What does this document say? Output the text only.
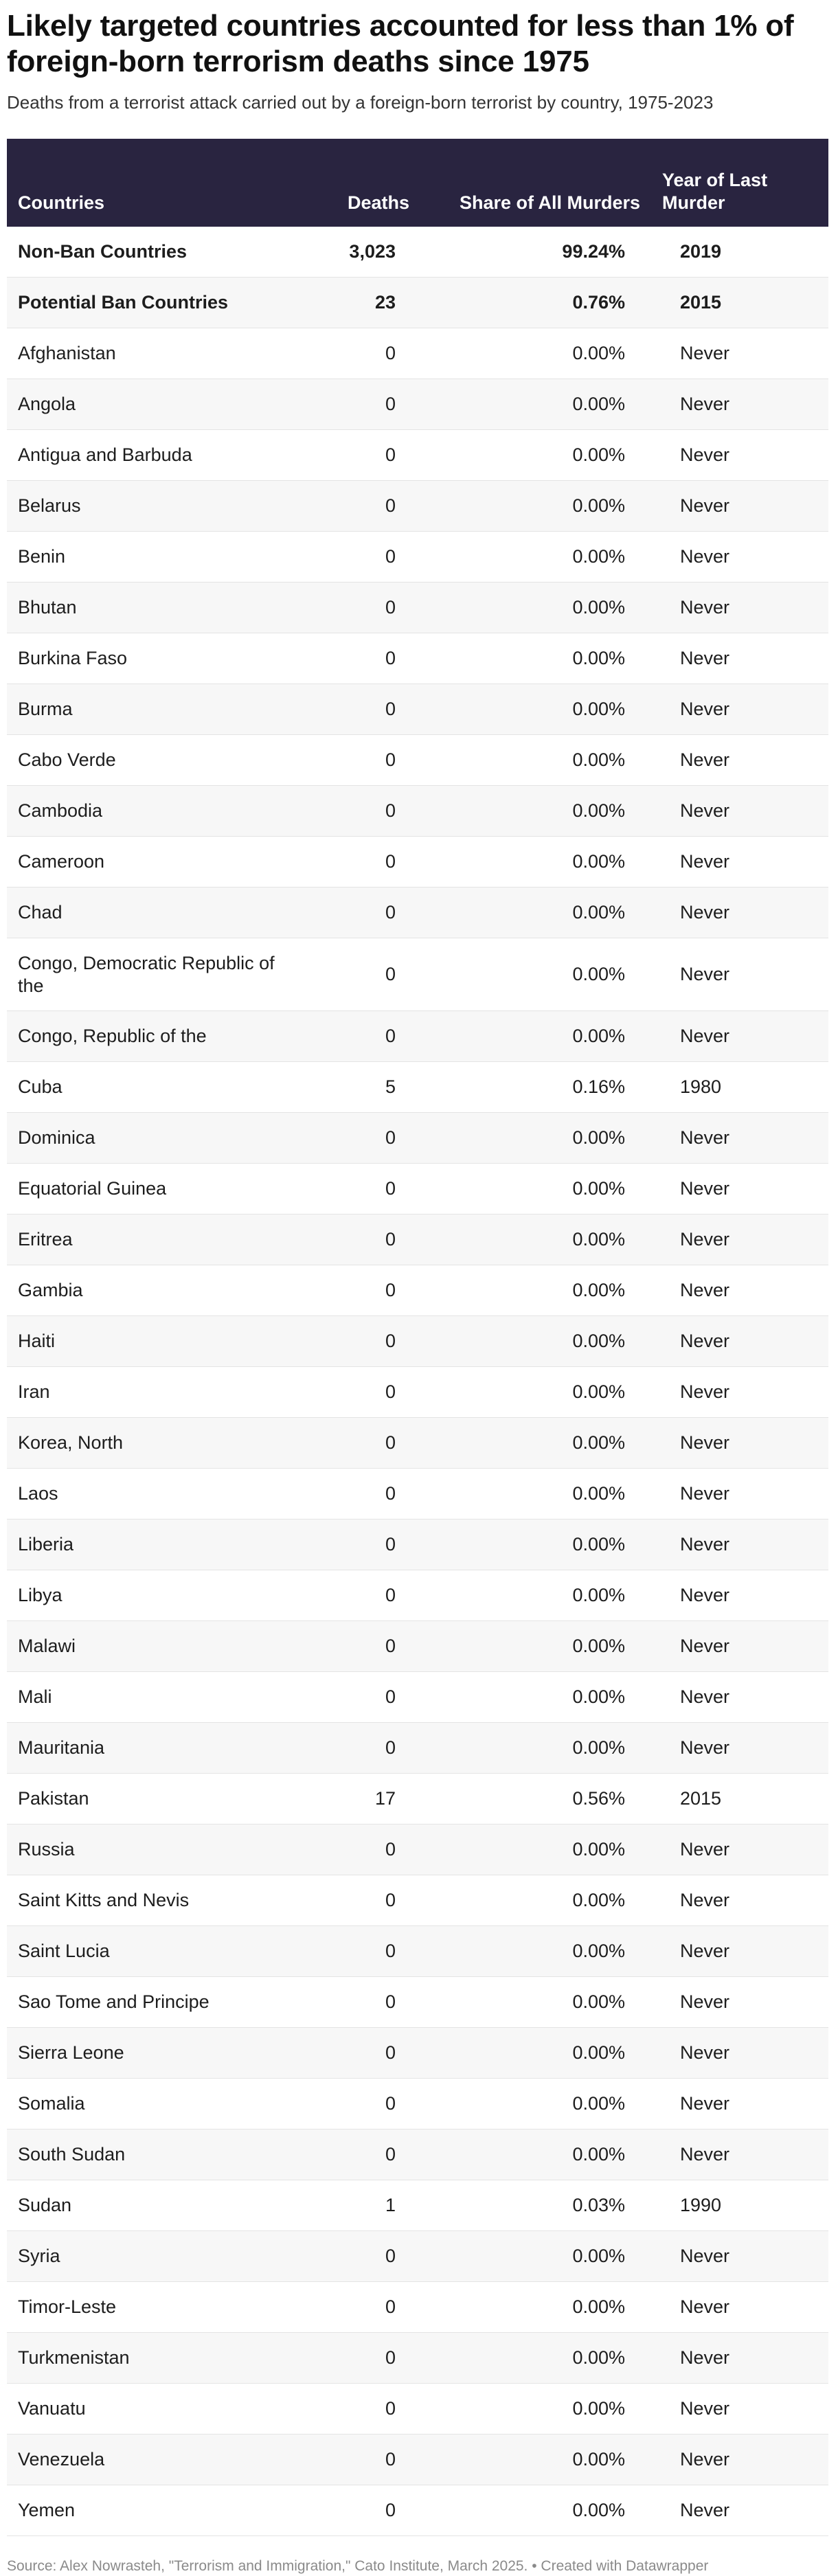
Likely targeted countries accounted for less than 1% of foreign-born terrorism deaths since 1975

Deaths from a terrorist attack carried out by a foreign-born terrorist by country, 1975-2023

Countries	Deaths	Share of All Murders	Year of Last Murder
Non-Ban Countries	3,023	99.24%	2019
Potential Ban Countries	23	0.76%	2015
Afghanistan	0	0.00%	Never
Angola	0	0.00%	Never
Antigua and Barbuda	0	0.00%	Never
Belarus	0	0.00%	Never
Benin	0	0.00%	Never
Bhutan	0	0.00%	Never
Burkina Faso	0	0.00%	Never
Burma	0	0.00%	Never
Cabo Verde	0	0.00%	Never
Cambodia	0	0.00%	Never
Cameroon	0	0.00%	Never
Chad	0	0.00%	Never
Congo, Democratic Republic of the	0	0.00%	Never
Congo, Republic of the	0	0.00%	Never
Cuba	5	0.16%	1980
Dominica	0	0.00%	Never
Equatorial Guinea	0	0.00%	Never
Eritrea	0	0.00%	Never
Gambia	0	0.00%	Never
Haiti	0	0.00%	Never
Iran	0	0.00%	Never
Korea, North	0	0.00%	Never
Laos	0	0.00%	Never
Liberia	0	0.00%	Never
Libya	0	0.00%	Never
Malawi	0	0.00%	Never
Mali	0	0.00%	Never
Mauritania	0	0.00%	Never
Pakistan	17	0.56%	2015
Russia	0	0.00%	Never
Saint Kitts and Nevis	0	0.00%	Never
Saint Lucia	0	0.00%	Never
Sao Tome and Principe	0	0.00%	Never
Sierra Leone	0	0.00%	Never
Somalia	0	0.00%	Never
South Sudan	0	0.00%	Never
Sudan	1	0.03%	1990
Syria	0	0.00%	Never
Timor-Leste	0	0.00%	Never
Turkmenistan	0	0.00%	Never
Vanuatu	0	0.00%	Never
Venezuela	0	0.00%	Never
Yemen	0	0.00%	Never
Source: Alex Nowrasteh, "Terrorism and Immigration," Cato Institute, March 2025. • Created with Datawrapper
